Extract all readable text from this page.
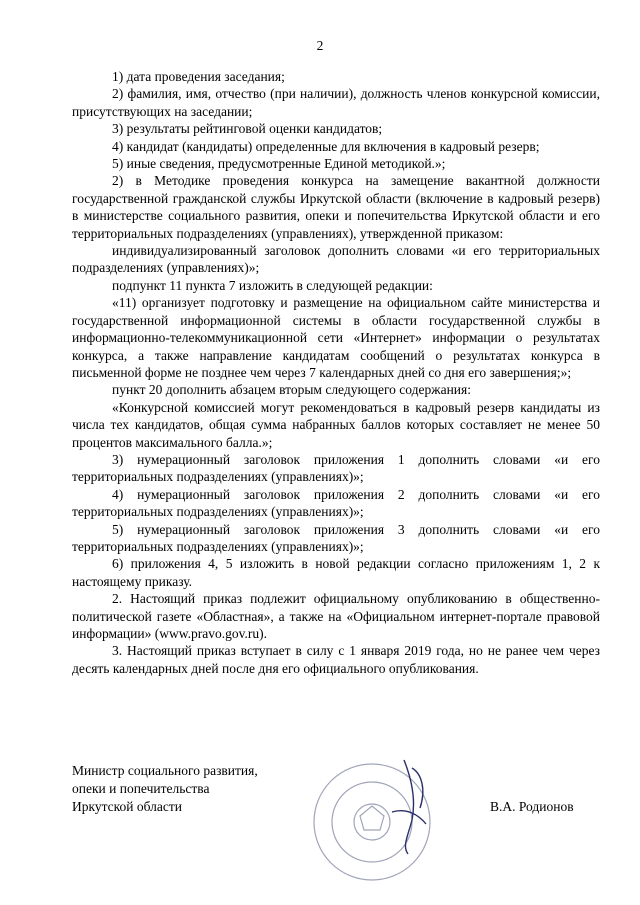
2

1) дата проведения заседания;

2) фамилия, имя, отчество (при наличии), должность членов конкурсной комиссии, присутствующих на заседании;

3) результаты рейтинговой оценки кандидатов;

4) кандидат (кандидаты) определенные для включения в кадровый резерв;

5) иные сведения, предусмотренные Единой методикой.»;

2) в Методике проведения конкурса на замещение вакантной должности государственной гражданской службы Иркутской области (включение в кадровый резерв) в министерстве социального развития, опеки и попечительства Иркутской области и его территориальных подразделениях (управлениях), утвержденной приказом:

индивидуализированный заголовок дополнить словами «и его территориальных подразделениях (управлениях)»;

подпункт 11 пункта 7 изложить в следующей редакции:

«11) организует подготовку и размещение на официальном сайте министерства и государственной информационной системы в области государственной службы в информационно-телекоммуникационной сети «Интернет» информации о результатах конкурса, а также направление кандидатам сообщений о результатах конкурса в письменной форме не позднее чем через 7 календарных дней со дня его завершения;»;

пункт 20 дополнить абзацем вторым следующего содержания:

«Конкурсной комиссией могут рекомендоваться в кадровый резерв кандидаты из числа тех кандидатов, общая сумма набранных баллов которых составляет не менее 50 процентов максимального балла.»;

3) нумерационный заголовок приложения 1 дополнить словами «и его территориальных подразделениях (управлениях)»;

4) нумерационный заголовок приложения 2 дополнить словами «и его территориальных подразделениях (управлениях)»;

5) нумерационный заголовок приложения 3 дополнить словами «и его территориальных подразделениях (управлениях)»;

6) приложения 4, 5 изложить в новой редакции согласно приложениям 1, 2 к настоящему приказу.

2. Настоящий приказ подлежит официальному опубликованию в общественно-политической газете «Областная», а также на «Официальном интернет-портале правовой информации» (www.pravo.gov.ru).

3. Настоящий приказ вступает в силу с 1 января 2019 года, но не ранее чем через десять календарных дней после дня его официального опубликования.

Министр социального развития,
опеки и попечительства
Иркутской области	В.А. Родионов
